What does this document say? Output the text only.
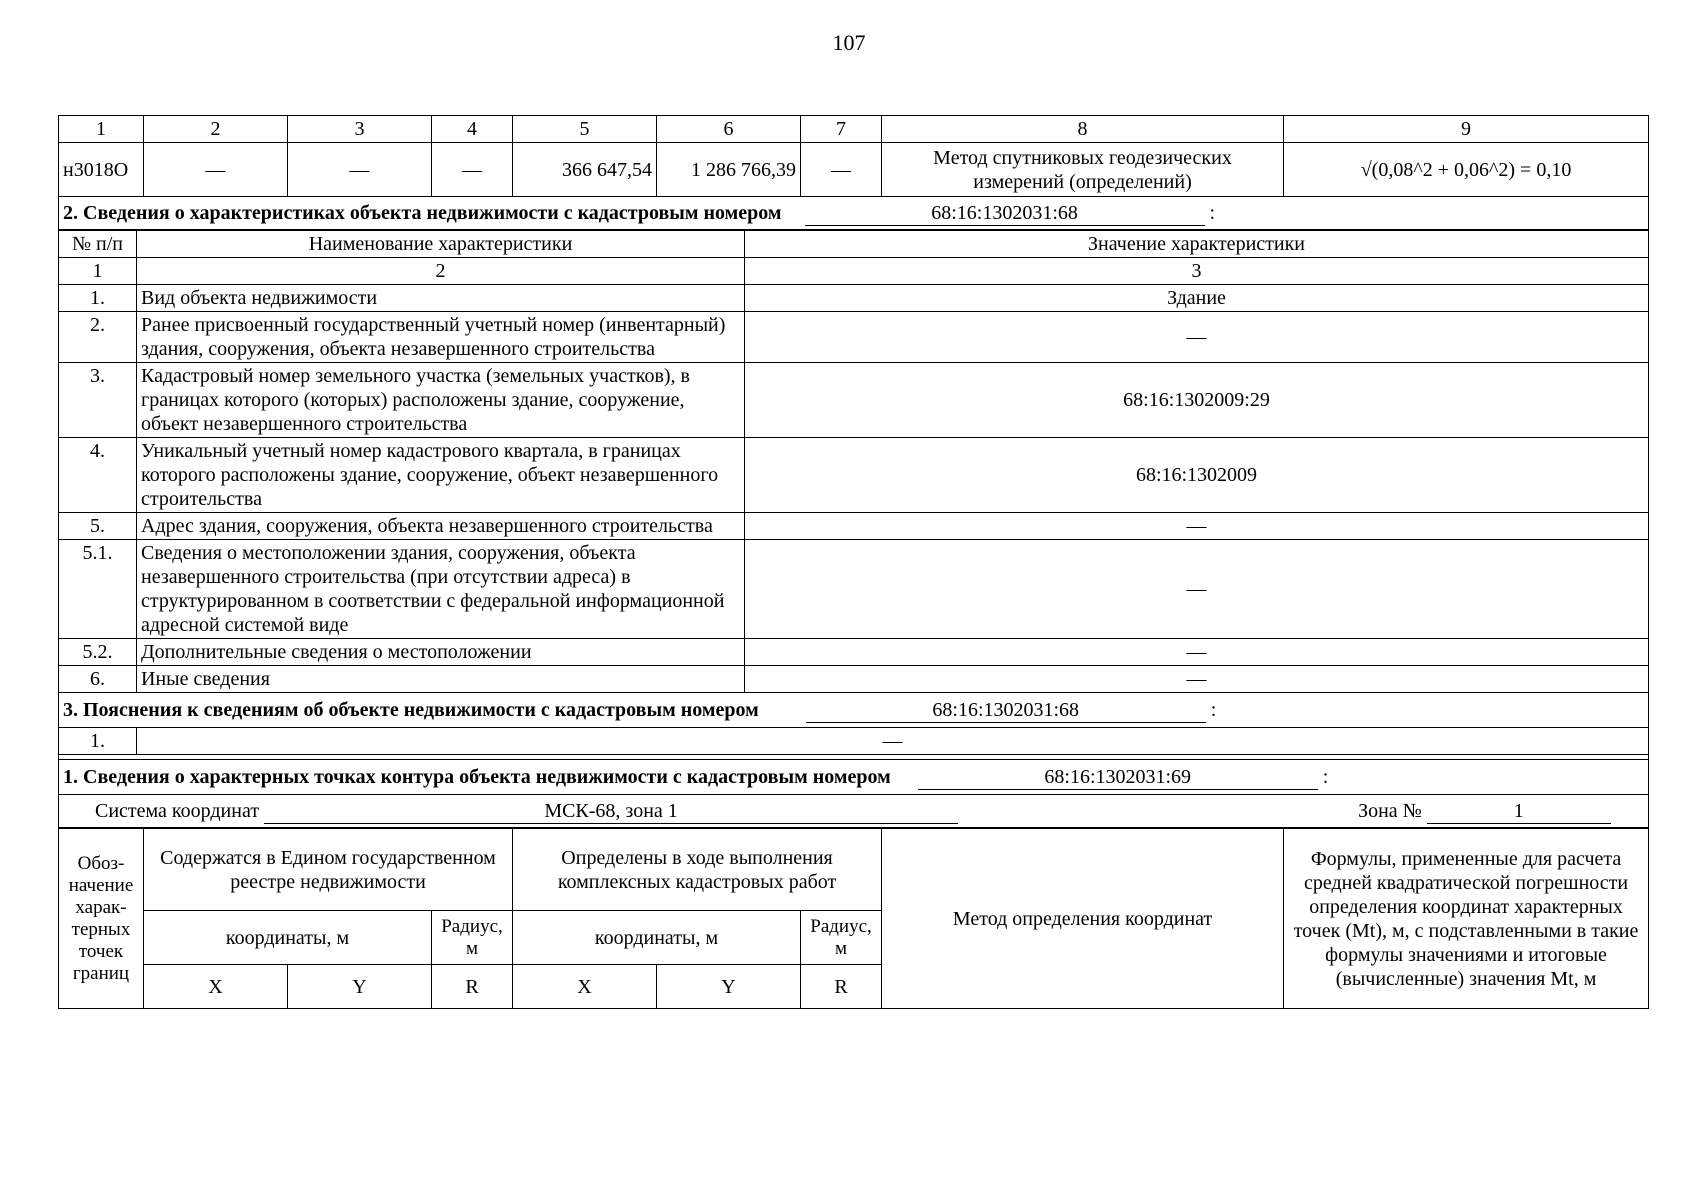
107
1	2	3	4	5	6	7	8	9
н3018О	—	—	—	366 647,54	1 286 766,39	—	Метод спутниковых геодезических измерений (определений)	√(0,08^2 + 0,06^2) = 0,10
2. Сведения о характеристиках объекта недвижимости с кадастровым номером 68:16:1302031:68 :								
№ п/п	Наименование характеристики	Значение характеристики
1	2	3
1.	Вид объекта недвижимости	Здание
2.	Ранее присвоенный государственный учетный номер (инвентарный) здания, сооружения, объекта незавершенного строительства	—
3.	Кадастровый номер земельного участка (земельных участков), в границах которого (которых) расположены здание, сооружение, объект незавершенного строительства	68:16:1302009:29
4.	Уникальный учетный номер кадастрового квартала, в границах которого расположены здание, сооружение, объект незавершенного строительства	68:16:1302009
5.	Адрес здания, сооружения, объекта незавершенного строительства	—
5.1.	Сведения о местоположении здания, сооружения, объекта незавершенного строительства (при отсутствии адреса) в структурированном в соответствии с федеральной информационной адресной системой виде	—
5.2.	Дополнительные сведения о местоположении	—
6.	Иные сведения	—
3. Пояснения к сведениям об объекте недвижимости с кадастровым номером 68:16:1302031:68 :		
1.	—	

1. Сведения о характерных точках контура объекта недвижимости с кадастровым номером 68:16:1302031:69 :		
Система координат МСК-68, зона 1 Зона № 1		
Обоз-начение харак-терных точек границ	Содержатся в Едином государственном реестре недвижимости			Определены в ходе выполнения комплексных кадастровых работ			Метод определения координат	Формулы, примененные для расчета средней квадратической погрешности определения координат характерных точек (Mt), м, с подставленными в такие формулы значениями и итоговые (вычисленные) значения Mt, м
	координаты, м		Радиус, м	координаты, м		Радиус, м		
	X	Y	R	X	Y	R		
